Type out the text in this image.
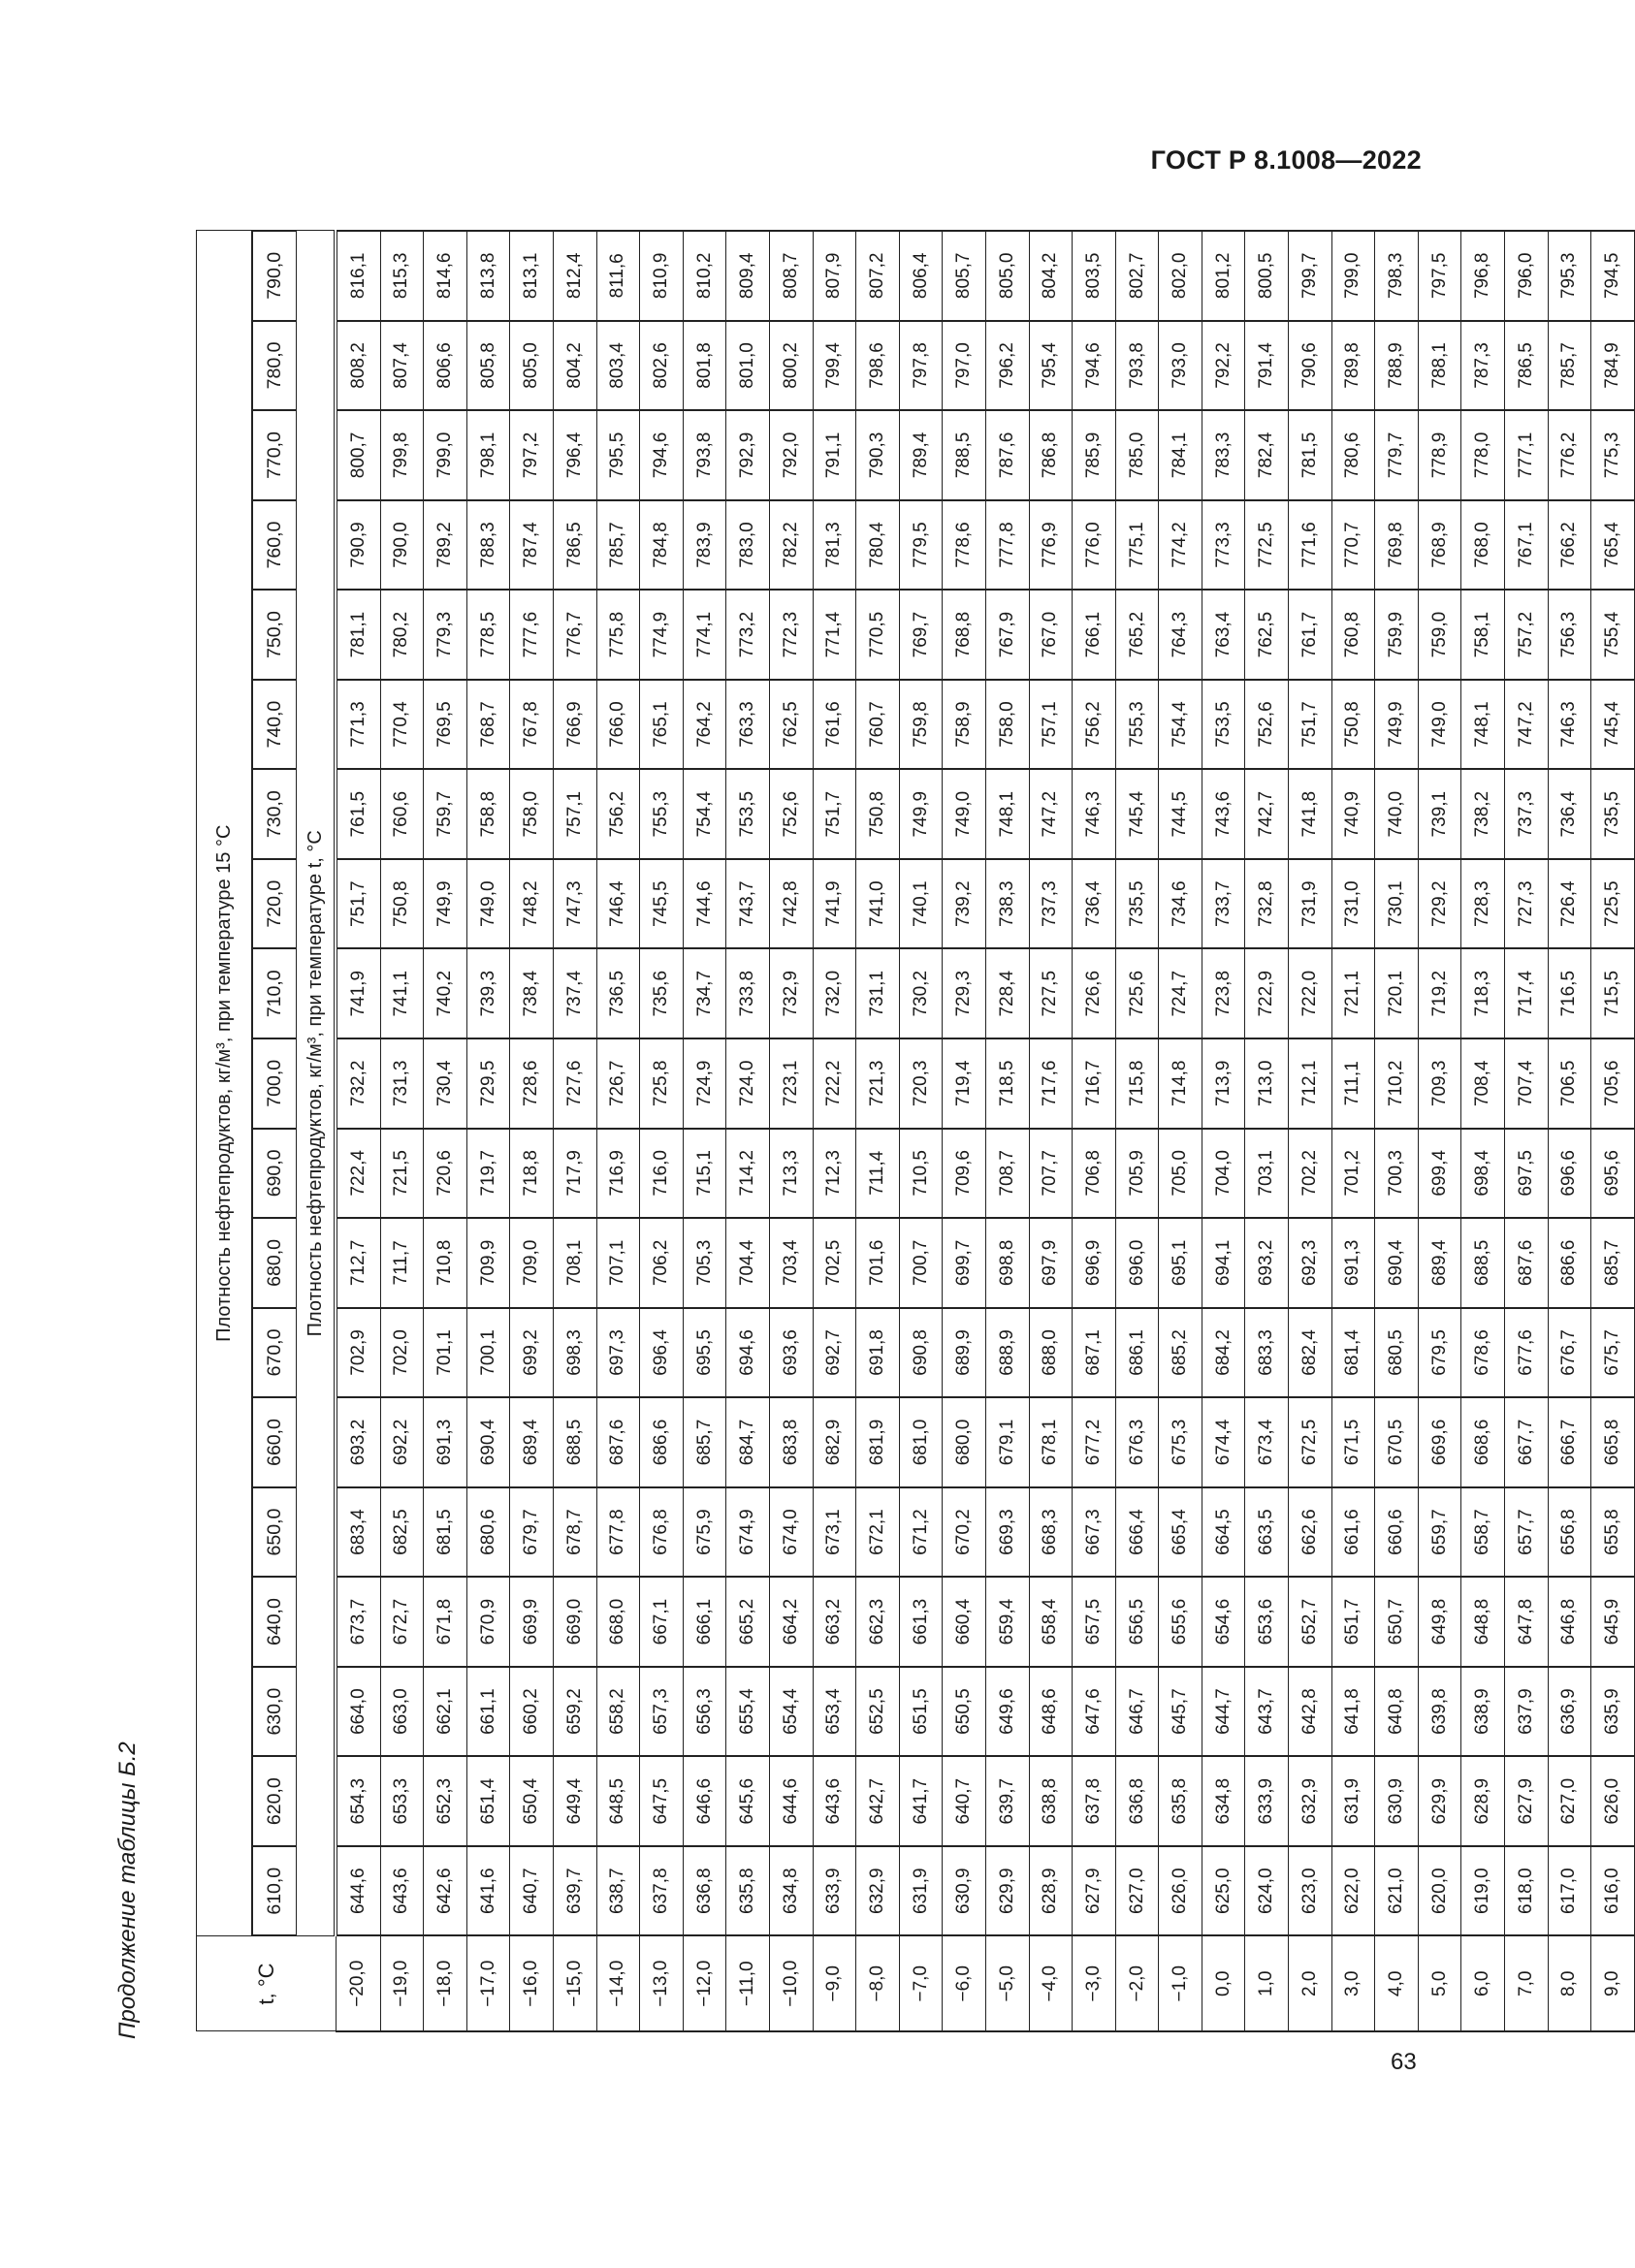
ГОСТ Р 8.1008—2022
Продолжение таблицы Б.2	t, °C	Плотность нефтепродуктов, кг/м³, при температуре 15 °С																		
	610,0	620,0	630,0	640,0	650,0	660,0	670,0	680,0	690,0	700,0	710,0	720,0	730,0	740,0	750,0	760,0	770,0	780,0	790,0
	Плотность нефтепродуктов, кг/м³, при температуре t, °С																		
−20,0	644,6	654,3	664,0	673,7	683,4	693,2	702,9	712,7	722,4	732,2	741,9	751,7	761,5	771,3	781,1	790,9	800,7	808,2	816,1
−19,0	643,6	653,3	663,0	672,7	682,5	692,2	702,0	711,7	721,5	731,3	741,1	750,8	760,6	770,4	780,2	790,0	799,8	807,4	815,3
−18,0	642,6	652,3	662,1	671,8	681,5	691,3	701,1	710,8	720,6	730,4	740,2	749,9	759,7	769,5	779,3	789,2	799,0	806,6	814,6
−17,0	641,6	651,4	661,1	670,9	680,6	690,4	700,1	709,9	719,7	729,5	739,3	749,0	758,8	768,7	778,5	788,3	798,1	805,8	813,8
−16,0	640,7	650,4	660,2	669,9	679,7	689,4	699,2	709,0	718,8	728,6	738,4	748,2	758,0	767,8	777,6	787,4	797,2	805,0	813,1
−15,0	639,7	649,4	659,2	669,0	678,7	688,5	698,3	708,1	717,9	727,6	737,4	747,3	757,1	766,9	776,7	786,5	796,4	804,2	812,4
−14,0	638,7	648,5	658,2	668,0	677,8	687,6	697,3	707,1	716,9	726,7	736,5	746,4	756,2	766,0	775,8	785,7	795,5	803,4	811,6
−13,0	637,8	647,5	657,3	667,1	676,8	686,6	696,4	706,2	716,0	725,8	735,6	745,5	755,3	765,1	774,9	784,8	794,6	802,6	810,9
−12,0	636,8	646,6	656,3	666,1	675,9	685,7	695,5	705,3	715,1	724,9	734,7	744,6	754,4	764,2	774,1	783,9	793,8	801,8	810,2
−11,0	635,8	645,6	655,4	665,2	674,9	684,7	694,6	704,4	714,2	724,0	733,8	743,7	753,5	763,3	773,2	783,0	792,9	801,0	809,4
−10,0	634,8	644,6	654,4	664,2	674,0	683,8	693,6	703,4	713,3	723,1	732,9	742,8	752,6	762,5	772,3	782,2	792,0	800,2	808,7
−9,0	633,9	643,6	653,4	663,2	673,1	682,9	692,7	702,5	712,3	722,2	732,0	741,9	751,7	761,6	771,4	781,3	791,1	799,4	807,9
−8,0	632,9	642,7	652,5	662,3	672,1	681,9	691,8	701,6	711,4	721,3	731,1	741,0	750,8	760,7	770,5	780,4	790,3	798,6	807,2
−7,0	631,9	641,7	651,5	661,3	671,2	681,0	690,8	700,7	710,5	720,3	730,2	740,1	749,9	759,8	769,7	779,5	789,4	797,8	806,4
−6,0	630,9	640,7	650,5	660,4	670,2	680,0	689,9	699,7	709,6	719,4	729,3	739,2	749,0	758,9	768,8	778,6	788,5	797,0	805,7
−5,0	629,9	639,7	649,6	659,4	669,3	679,1	688,9	698,8	708,7	718,5	728,4	738,3	748,1	758,0	767,9	777,8	787,6	796,2	805,0
−4,0	628,9	638,8	648,6	658,4	668,3	678,1	688,0	697,9	707,7	717,6	727,5	737,3	747,2	757,1	767,0	776,9	786,8	795,4	804,2
−3,0	627,9	637,8	647,6	657,5	667,3	677,2	687,1	696,9	706,8	716,7	726,6	736,4	746,3	756,2	766,1	776,0	785,9	794,6	803,5
−2,0	627,0	636,8	646,7	656,5	666,4	676,3	686,1	696,0	705,9	715,8	725,6	735,5	745,4	755,3	765,2	775,1	785,0	793,8	802,7
−1,0	626,0	635,8	645,7	655,6	665,4	675,3	685,2	695,1	705,0	714,8	724,7	734,6	744,5	754,4	764,3	774,2	784,1	793,0	802,0
0,0	625,0	634,8	644,7	654,6	664,5	674,4	684,2	694,1	704,0	713,9	723,8	733,7	743,6	753,5	763,4	773,3	783,3	792,2	801,2
1,0	624,0	633,9	643,7	653,6	663,5	673,4	683,3	693,2	703,1	713,0	722,9	732,8	742,7	752,6	762,5	772,5	782,4	791,4	800,5
2,0	623,0	632,9	642,8	652,7	662,6	672,5	682,4	692,3	702,2	712,1	722,0	731,9	741,8	751,7	761,7	771,6	781,5	790,6	799,7
3,0	622,0	631,9	641,8	651,7	661,6	671,5	681,4	691,3	701,2	711,1	721,1	731,0	740,9	750,8	760,8	770,7	780,6	789,8	799,0
4,0	621,0	630,9	640,8	650,7	660,6	670,5	680,5	690,4	700,3	710,2	720,1	730,1	740,0	749,9	759,9	769,8	779,7	788,9	798,3
5,0	620,0	629,9	639,8	649,8	659,7	669,6	679,5	689,4	699,4	709,3	719,2	729,2	739,1	749,0	759,0	768,9	778,9	788,1	797,5
6,0	619,0	628,9	638,9	648,8	658,7	668,6	678,6	688,5	698,4	708,4	718,3	728,3	738,2	748,1	758,1	768,0	778,0	787,3	796,8
7,0	618,0	627,9	637,9	647,8	657,7	667,7	677,6	687,6	697,5	707,4	717,4	727,3	737,3	747,2	757,2	767,1	777,1	786,5	796,0
8,0	617,0	627,0	636,9	646,8	656,8	666,7	676,7	686,6	696,6	706,5	716,5	726,4	736,4	746,3	756,3	766,2	776,2	785,7	795,3
9,0	616,0	626,0	635,9	645,9	655,8	665,8	675,7	685,7	695,6	705,6	715,5	725,5	735,5	745,4	755,4	765,4	775,3	784,9	794,5
63
